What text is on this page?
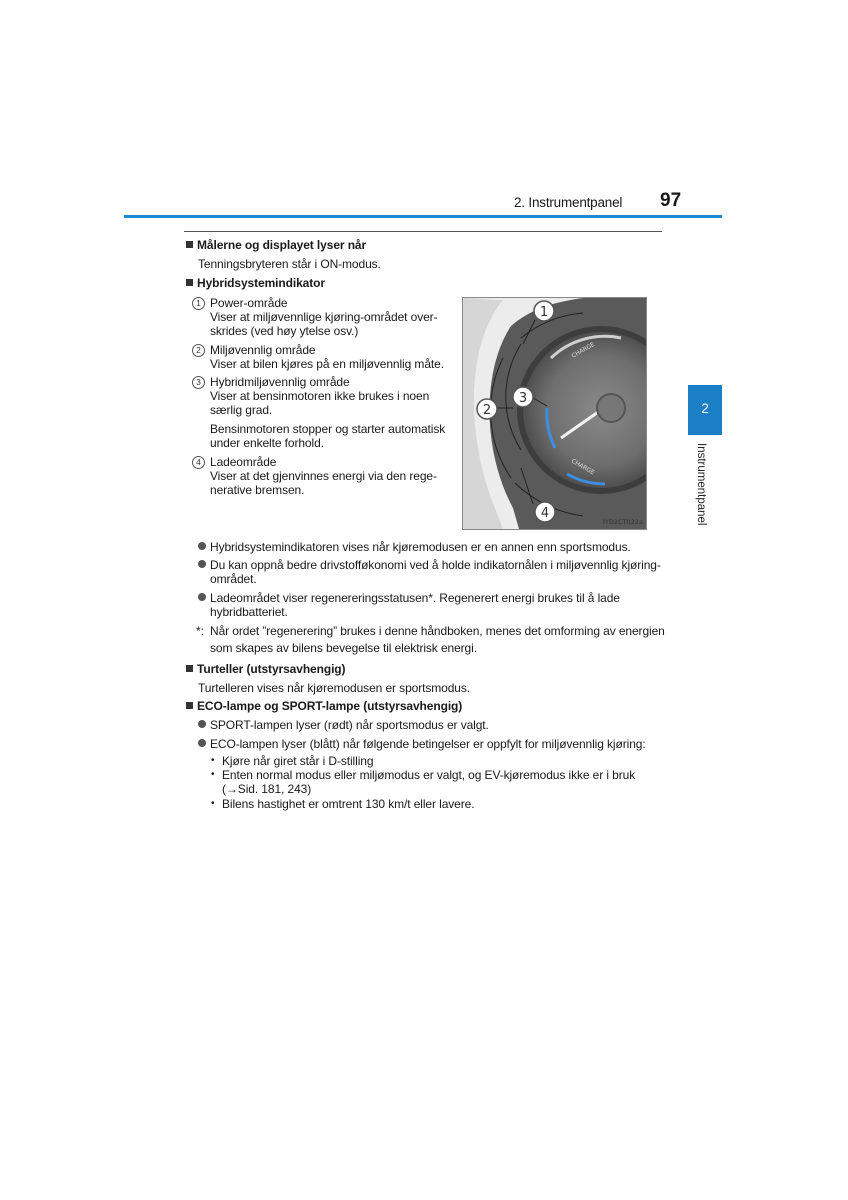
2. Instrumentpanel 97
2
Instrumentpanel
Målerne og displayet lyser når
Tenningsbryteren står i ON-modus.
Hybridsystemindikator
1 Power-område
Viser at miljøvennlige kjøring-området over-
skrides (ved høy ytelse osv.)
2 Miljøvennlig område
Viser at bilen kjøres på en miljøvennlig måte.
3 Hybridmiljøvennlig område
Viser at bensinmotoren ikke brukes i noen
særlig grad.
Bensinmotoren stopper og starter automatisk
under enkelte forhold.
4 Ladeområde
Viser at det gjenvinnes energi via den rege-
nerative bremsen.
CHARGE
CHARGE
1
2
3
4
IYD2CT022a
Hybridsystemindikatoren vises når kjøremodusen er en annen enn sportsmodus.
Du kan oppnå bedre drivstofføkonomi ved å holde indikatornålen i miljøvennlig kjøring-
området.
Ladeområdet viser regenereringsstatusen*. Regenerert energi brukes til å lade
hybridbatteriet.
*: Når ordet ”regenerering” brukes i denne håndboken, menes det omforming av energien
som skapes av bilens bevegelse til elektrisk energi.
Turteller (utstyrsavhengig)
Turtelleren vises når kjøremodusen er sportsmodus.
ECO-lampe og SPORT-lampe (utstyrsavhengig)
SPORT-lampen lyser (rødt) når sportsmodus er valgt.
ECO-lampen lyser (blått) når følgende betingelser er oppfylt for miljøvennlig kjøring:
• Kjøre når giret står i D-stilling
• Enten normal modus eller miljømodus er valgt, og EV-kjøremodus ikke er i bruk
(→Sid. 181, 243)
• Bilens hastighet er omtrent 130 km/t eller lavere.
